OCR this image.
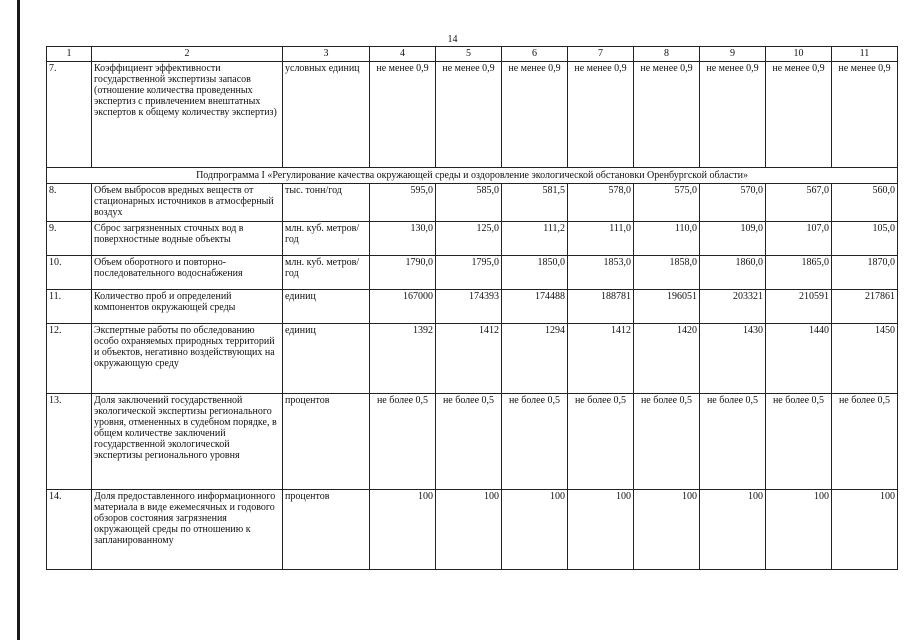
14
1	2	3	4	5	6	7	8	9	10	11
7.	Коэффициент эффективности государственной экспертизы запасов (отношение количества проведенных экспертиз с привлечением внештатных экспертов к общему количеству экспертиз)	условных единиц	не менее 0,9	не менее 0,9	не менее 0,9	не менее 0,9	не менее 0,9	не менее 0,9	не менее 0,9	не менее 0,9
Подпрограмма I «Регулирование качества окружающей среды и оздоровление экологической обстановки Оренбургской области»										
8.	Объем выбросов вредных веществ от стационарных источников в атмосферный воздух	тыс. тонн/год	595,0	585,0	581,5	578,0	575,0	570,0	567,0	560,0
9.	Сброс загрязненных сточных вод в поверхностные водные объекты	млн. куб. метров/год	130,0	125,0	111,2	111,0	110,0	109,0	107,0	105,0
10.	Объем оборотного и повторно-последовательного водоснабжения	млн. куб. метров/год	1790,0	1795,0	1850,0	1853,0	1858,0	1860,0	1865,0	1870,0
11.	Количество проб и определений компонентов окружающей среды	единиц	167000	174393	174488	188781	196051	203321	210591	217861
12.	Экспертные работы по обследованию особо охраняемых природных территорий и объектов, негативно воздействующих на окружающую среду	единиц	1392	1412	1294	1412	1420	1430	1440	1450
13.	Доля заключений государственной экологической экспертизы регионального уровня, отмененных в судебном порядке, в общем количестве заключений государственной экологической экспертизы регионального уровня	процентов	не более 0,5	не более 0,5	не более 0,5	не более 0,5	не более 0,5	не более 0,5	не более 0,5	не более 0,5
14.	Доля предоставленного информационного материала в виде ежемесячных и годового обзоров состояния загрязнения окружающей среды по отношению к запланированному	процентов	100	100	100	100	100	100	100	100
